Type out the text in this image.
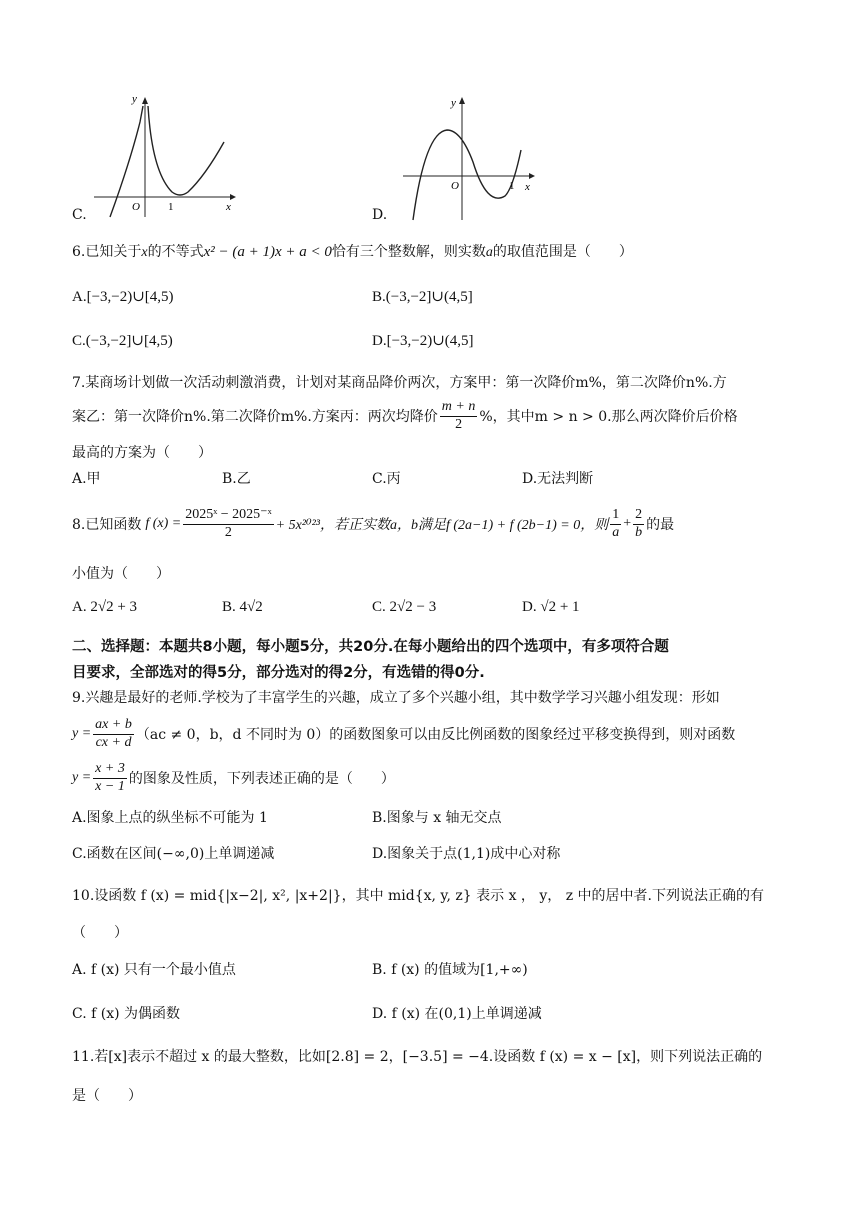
C.
y
x
O	1	D.
y
x
O	1
6.已知关于x的不等式x² − (a + 1)x + a < 0恰有三个整数解，则实数a的取值范围是（　　）
A.[−3,−2)∪[4,5)	B.(−3,−2]∪(4,5]
C.(−3,−2]∪[4,5)	D.[−3,−2)∪(4,5]
7.某商场计划做一次活动刺激消费，计划对某商品降价两次，方案甲：第一次降价m%，第二次降价n%.方
案乙：第一次降价n%.第二次降价m%.方案丙：两次均降价 $\frac{m + n}{2}$ %，其中m > n > 0.那么两次降价后价格
最高的方案为（　　）
A.甲	B.乙	C.丙	D.无法判断
8.已知函数 f $(x) = \frac{\text{2025ˣ − 2025⁻ˣ}}{2} + 5x^{2023}$，若正实数a，b满足f (2a−1) + f (2b−1) = 0，则 $\frac{1}{a} + \frac{2}{b}$ 的最
小值为（　　）
A. 2√2 + 3	B. 4√2	C. 2√2 − 3	D. √2 + 1
二、选择题：本题共8小题，每小题5分，共20分.在每小题给出的四个选项中，有多项符合题
目要求，全部选对的得5分，部分选对的得2分，有选错的得0分.
9.兴趣是最好的老师.学校为了丰富学生的兴趣，成立了多个兴趣小组，其中数学学习兴趣小组发现：形如
$y = \frac{ax + b}{cx + d} (ac \ne 0$，b，d 不同时为 0）的函数图象可以由反比例函数的图象经过平移变换得到，则对函数
$y = \frac{x + 3}{x - 1}$ 的图象及性质，下列表述正确的是（　　）
A.图象上点的纵坐标不可能为 1	B.图象与 x 轴无交点
C.函数在区间(−∞,0)上单调递减	D.图象关于点(1,1)成中心对称
10.设函数 f (x) = mid{|x−2|, x², |x+2|}，其中 mid{x, y, z} 表示 x ， y， z 中的居中者.下列说法正确的有
（　　）
A. f (x) 只有一个最小值点	B. f (x) 的值域为[1,+∞)
C. f (x) 为偶函数	D. f (x) 在(0,1)上单调递减
11.若[x]表示不超过 x 的最大整数，比如[2.8] = 2，[−3.5] = −4.设函数 f (x) = x − [x]，则下列说法正确的
是（　　）
